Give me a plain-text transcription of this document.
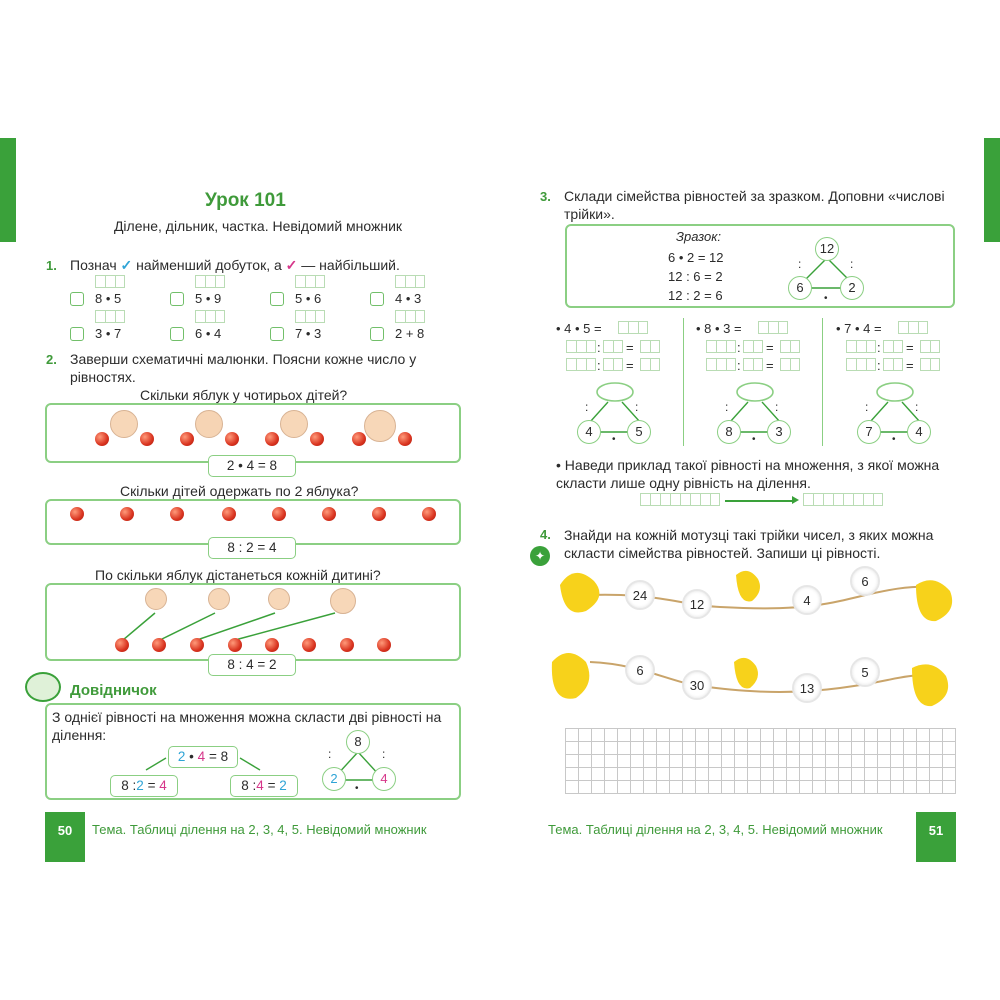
Урок 101
Ділене, дільник, частка. Невідомий множник
1. Познач ✓ найменший добуток, а ✓ — найбільший.
8 • 5	5 • 9	5 • 6	4 • 3
3 • 7	6 • 4	7 • 3	2 + 8
2. Заверши схематичні малюнки. Поясни кожне число у рівностях.
Скільки яблук у чотирьох дітей?
2 • 4 = 8
Скільки дітей одержать по 2 яблука?
8 : 2 = 4
По скільки яблук дістанеться кожній дитині?
8 : 4 = 2
Довідничок
З однієї рівності на множення можна скласти дві рівності на ділення:
2 • 4 = 8
8 :2 = 4	8 :4 = 2
8
2	4
:	:
•
50	Тема. Таблиці ділення на 2, 3, 4, 5. Невідомий множник
3. Склади сімейства рівностей за зразком. Доповни «числові трійки».
Зразок:
6 • 2 = 12
12 : 6 = 2
12 : 2 = 6
12
6	2
:	:
•
• 4 • 5 =
: =
: =
:	:
4	5
•
• 8 • 3 =
: =
: =
:	:
8	3
•
• 7 • 4 =
: =
: =
:	:
7	4
•
• Наведи приклад такої рівності на множення, з якої можна скласти лише одну рівність на ділення.
4.
✦
Знайди на кожній мотузці такі трійки чисел, з яких можна скласти сімейства рівностей. Запиши ці рівності.
24
12	4
6
6
30	13
5
Тема. Таблиці ділення на 2, 3, 4, 5. Невідомий множник	51
